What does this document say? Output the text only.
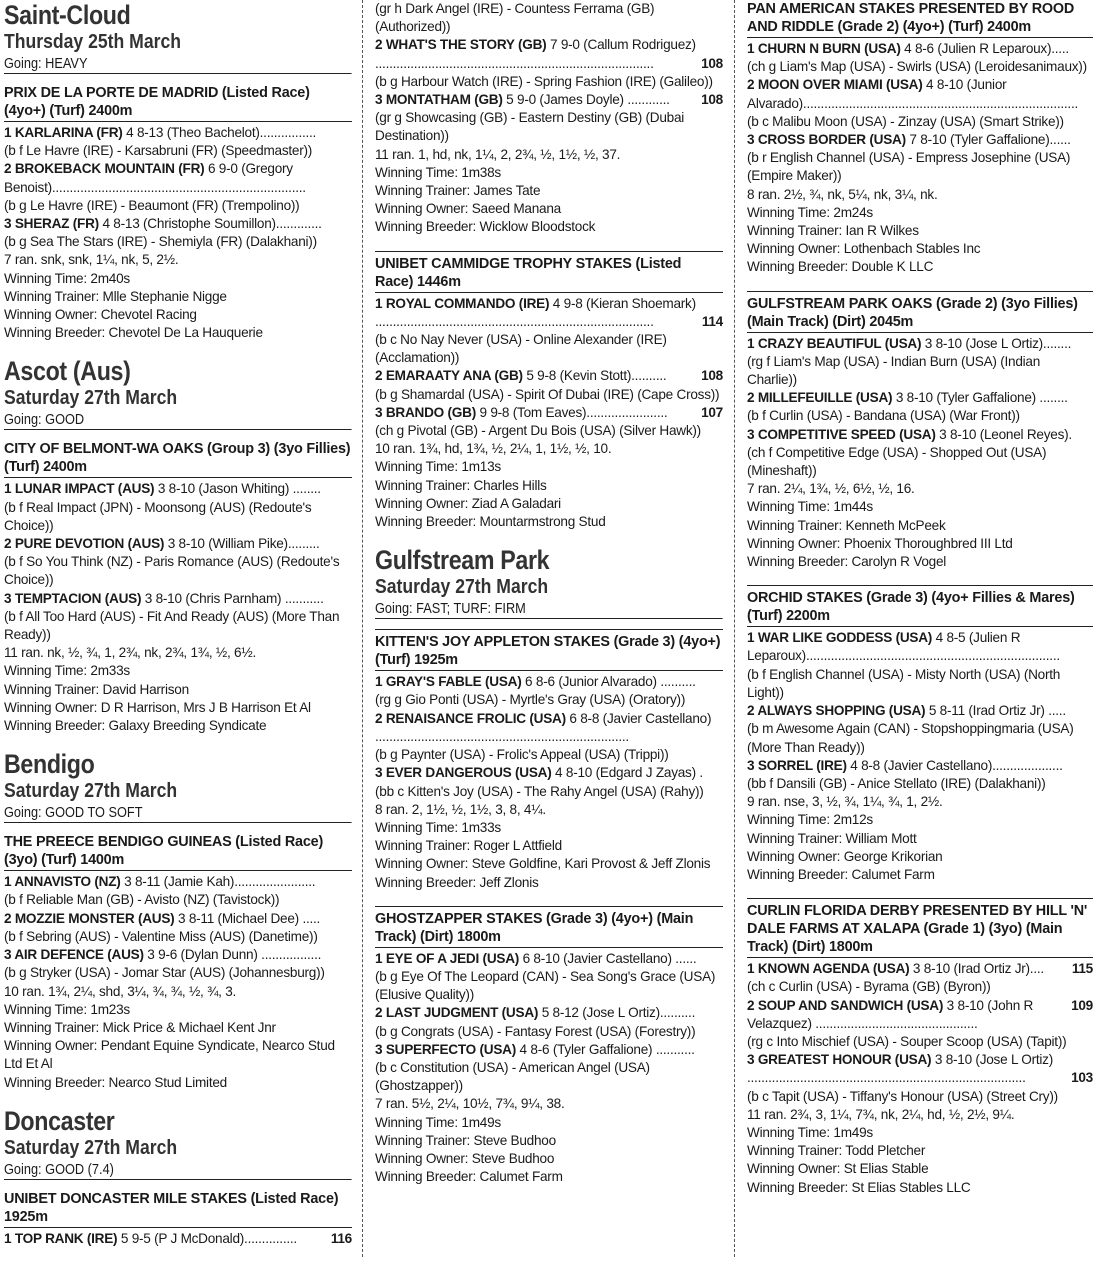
Saint-Cloud
Thursday 25th March
Going: HEAVY
PRIX DE LA PORTE DE MADRID (Listed Race) (4yo+) (Turf) 2400m
1 KARLARINA (FR) 4 8-13 (Theo Bachelot)................
(b f Le Havre (IRE) - Karsabruni (FR) (Speedmaster))
2 BROKEBACK MOUNTAIN (FR) 6 9-0 (Gregory Benoist)........................................................................
(b g Le Havre (IRE) - Beaumont (FR) (Trempolino))
3 SHERAZ (FR) 4 8-13 (Christophe Soumillon).............
(b g Sea The Stars (IRE) - Shemiyla (FR) (Dalakhani))
7 ran. snk, snk, 1¼, nk, 5, 2½.
Winning Time: 2m40s
Winning Trainer: Mlle Stephanie Nigge
Winning Owner: Chevotel Racing
Winning Breeder: Chevotel De La Hauquerie
Ascot (Aus)
Saturday 27th March
Going: GOOD
CITY OF BELMONT-WA OAKS (Group 3) (3yo Fillies) (Turf) 2400m
1 LUNAR IMPACT (AUS) 3 8-10 (Jason Whiting) ........
(b f Real Impact (JPN) - Moonsong (AUS) (Redoute's Choice))
2 PURE DEVOTION (AUS) 3 8-10 (William Pike).........
(b f So You Think (NZ) - Paris Romance (AUS) (Redoute's Choice))
3 TEMPTACION (AUS) 3 8-10 (Chris Parnham) ...........
(b f All Too Hard (AUS) - Fit And Ready (AUS) (More Than Ready))
11 ran. nk, ½, ¾, 1, 2¾, nk, 2¾, 1¾, ½, 6½.
Winning Time: 2m33s
Winning Trainer: David Harrison
Winning Owner: D R Harrison, Mrs J B Harrison Et Al
Winning Breeder: Galaxy Breeding Syndicate
Bendigo
Saturday 27th March
Going: GOOD TO SOFT
THE PREECE BENDIGO GUINEAS (Listed Race) (3yo) (Turf) 1400m
1 ANNAVISTO (NZ) 3 8-11 (Jamie Kah).......................
(b f Reliable Man (GB) - Avisto (NZ) (Tavistock))
2 MOZZIE MONSTER (AUS) 3 8-11 (Michael Dee) .....
(b f Sebring (AUS) - Valentine Miss (AUS) (Danetime))
3 AIR DEFENCE (AUS) 3 9-6 (Dylan Dunn) .................
(b g Stryker (USA) - Jomar Star (AUS) (Johannesburg))
10 ran. 1¾, 2¼, shd, 3¼, ¾, ¾, ½, ¾, 3.
Winning Time: 1m23s
Winning Trainer: Mick Price & Michael Kent Jnr
Winning Owner: Pendant Equine Syndicate, Nearco Stud Ltd Et Al
Winning Breeder: Nearco Stud Limited
Doncaster
Saturday 27th March
Going: GOOD (7.4)
UNIBET DONCASTER MILE STAKES (Listed Race) 1925m
116
1 TOP RANK (IRE) 5 9-5 (P J McDonald)...............
(gr h Dark Angel (IRE) - Countess Ferrama (GB) (Authorized))
2 WHAT'S THE STORY (GB) 7 9-0 (Callum Rodriguez)
108
...............................................................................
(b g Harbour Watch (IRE) - Spring Fashion (IRE) (Galileo))
108
3 MONTATHAM (GB) 5 9-0 (James Doyle) ............
(gr g Showcasing (GB) - Eastern Destiny (GB) (Dubai Destination))
11 ran. 1, hd, nk, 1¼, 2, 2¾, ½, 1½, ½, 37.
Winning Time: 1m38s
Winning Trainer: James Tate
Winning Owner: Saeed Manana
Winning Breeder: Wicklow Bloodstock
UNIBET CAMMIDGE TROPHY STAKES (Listed Race) 1446m
1 ROYAL COMMANDO (IRE) 4 9-8 (Kieran Shoemark)
114
...............................................................................
(b c No Nay Never (USA) - Online Alexander (IRE) (Acclamation))
108
2 EMARAATY ANA (GB) 5 9-8 (Kevin Stott)..........
(b g Shamardal (USA) - Spirit Of Dubai (IRE) (Cape Cross))
107
3 BRANDO (GB) 9 9-8 (Tom Eaves).......................
(ch g Pivotal (GB) - Argent Du Bois (USA) (Silver Hawk))
10 ran. 1¾, hd, 1¾, ½, 2¼, 1, 1½, ½, 10.
Winning Time: 1m13s
Winning Trainer: Charles Hills
Winning Owner: Ziad A Galadari
Winning Breeder: Mountarmstrong Stud
Gulfstream Park
Saturday 27th March
Going: FAST; TURF: FIRM
KITTEN'S JOY APPLETON STAKES (Grade 3) (4yo+) (Turf) 1925m
1 GRAY'S FABLE (USA) 6 8-6 (Junior Alvarado) ..........
(rg g Gio Ponti (USA) - Myrtle's Gray (USA) (Oratory))
2 RENAISANCE FROLIC (USA) 6 8-8 (Javier Castellano) ........................................................................
(b g Paynter (USA) - Frolic's Appeal (USA) (Trippi))
3 EVER DANGEROUS (USA) 4 8-10 (Edgard J Zayas) .
(bb c Kitten's Joy (USA) - The Rahy Angel (USA) (Rahy))
8 ran. 2, 1½, ½, 1½, 3, 8, 4¼.
Winning Time: 1m33s
Winning Trainer: Roger L Attfield
Winning Owner: Steve Goldfine, Kari Provost & Jeff Zlonis
Winning Breeder: Jeff Zlonis
GHOSTZAPPER STAKES (Grade 3) (4yo+) (Main Track) (Dirt) 1800m
1 EYE OF A JEDI (USA) 6 8-10 (Javier Castellano) ......
(b g Eye Of The Leopard (CAN) - Sea Song's Grace (USA) (Elusive Quality))
2 LAST JUDGMENT (USA) 5 8-12 (Jose L Ortiz)..........
(b g Congrats (USA) - Fantasy Forest (USA) (Forestry))
3 SUPERFECTO (USA) 4 8-6 (Tyler Gaffalione) ...........
(b c Constitution (USA) - American Angel (USA) (Ghostzapper))
7 ran. 5½, 2¼, 10½, 7¾, 9¼, 38.
Winning Time: 1m49s
Winning Trainer: Steve Budhoo
Winning Owner: Steve Budhoo
Winning Breeder: Calumet Farm
PAN AMERICAN STAKES PRESENTED BY ROOD AND RIDDLE (Grade 2) (4yo+) (Turf) 2400m
1 CHURN N BURN (USA) 4 8-6 (Julien R Leparoux).....
(ch g Liam's Map (USA) - Swirls (USA) (Leroidesanimaux))
2 MOON OVER MIAMI (USA) 4 8-10 (Junior Alvarado)..............................................................................
(b c Malibu Moon (USA) - Zinzay (USA) (Smart Strike))
3 CROSS BORDER (USA) 7 8-10 (Tyler Gaffalione)......
(b r English Channel (USA) - Empress Josephine (USA) (Empire Maker))
8 ran. 2½, ¾, nk, 5¼, nk, 3¼, nk.
Winning Time: 2m24s
Winning Trainer: Ian R Wilkes
Winning Owner: Lothenbach Stables Inc
Winning Breeder: Double K LLC
GULFSTREAM PARK OAKS (Grade 2) (3yo Fillies) (Main Track) (Dirt) 2045m
1 CRAZY BEAUTIFUL (USA) 3 8-10 (Jose L Ortiz)........
(rg f Liam's Map (USA) - Indian Burn (USA) (Indian Charlie))
2 MILLEFEUILLE (USA) 3 8-10 (Tyler Gaffalione) ........
(b f Curlin (USA) - Bandana (USA) (War Front))
3 COMPETITIVE SPEED (USA) 3 8-10 (Leonel Reyes).
(ch f Competitive Edge (USA) - Shopped Out (USA) (Mineshaft))
7 ran. 2¼, 1¾, ½, 6½, ½, 16.
Winning Time: 1m44s
Winning Trainer: Kenneth McPeek
Winning Owner: Phoenix Thoroughbred III Ltd
Winning Breeder: Carolyn R Vogel
ORCHID STAKES (Grade 3) (4yo+ Fillies & Mares) (Turf) 2200m
1 WAR LIKE GODDESS (USA) 4 8-5 (Julien R Leparoux)........................................................................
(b f English Channel (USA) - Misty North (USA) (North Light))
2 ALWAYS SHOPPING (USA) 5 8-11 (Irad Ortiz Jr) .....
(b m Awesome Again (CAN) - Stopshoppingmaria (USA) (More Than Ready))
3 SORREL (IRE) 4 8-8 (Javier Castellano)....................
(bb f Dansili (GB) - Anice Stellato (IRE) (Dalakhani))
9 ran. nse, 3, ½, ¾, 1¼, ¾, 1, 2½.
Winning Time: 2m12s
Winning Trainer: William Mott
Winning Owner: George Krikorian
Winning Breeder: Calumet Farm
CURLIN FLORIDA DERBY PRESENTED BY HILL 'N' DALE FARMS AT XALAPA (Grade 1) (3yo) (Main Track) (Dirt) 1800m
115
1 KNOWN AGENDA (USA) 3 8-10 (Irad Ortiz Jr)....
(ch c Curlin (USA) - Byrama (GB) (Byron))
109
2 SOUP AND SANDWICH (USA) 3 8-10 (John R Velazquez) ..............................................
(rg c Into Mischief (USA) - Souper Scoop (USA) (Tapit))
3 GREATEST HONOUR (USA) 3 8-10 (Jose L Ortiz)
103
...............................................................................
(b c Tapit (USA) - Tiffany's Honour (USA) (Street Cry))
11 ran. 2¾, 3, 1¼, 7¾, nk, 2¼, hd, ½, 2½, 9¼.
Winning Time: 1m49s
Winning Trainer: Todd Pletcher
Winning Owner: St Elias Stable
Winning Breeder: St Elias Stables LLC
